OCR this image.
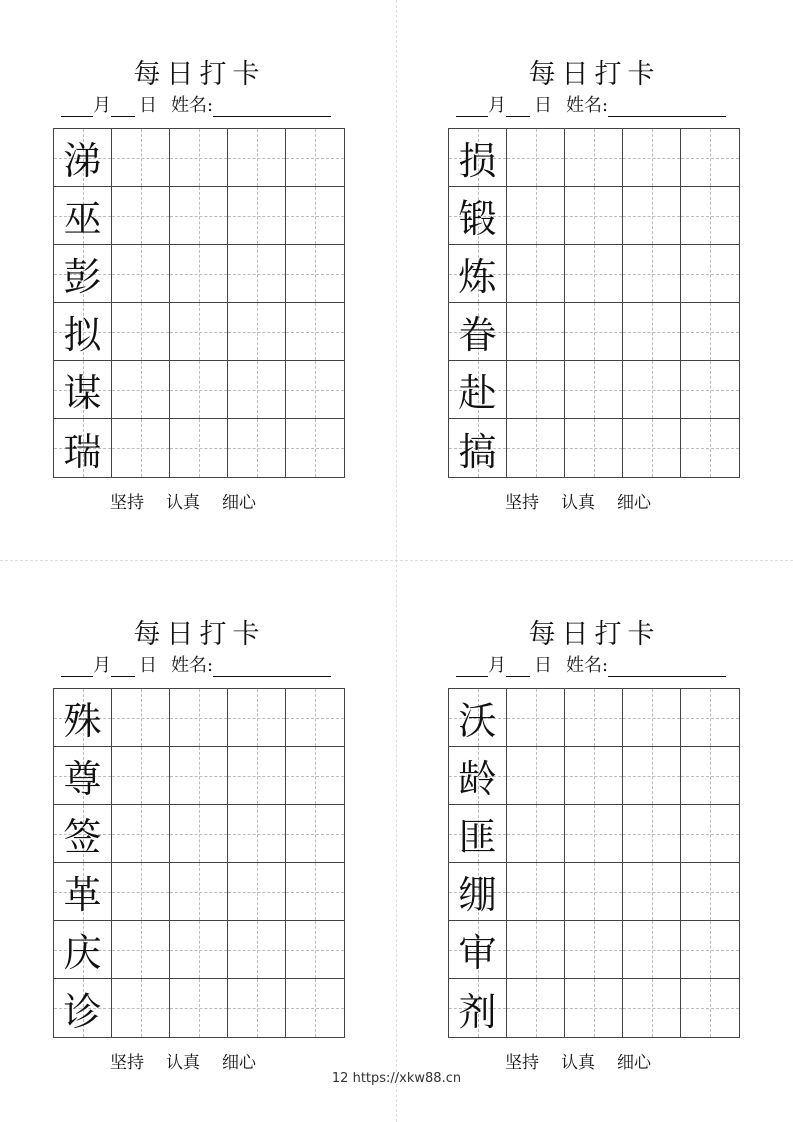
每日打卡
月 日 姓名:
涕
巫
彭
拟
谋
瑞
坚持 认真 细心
每日打卡
月 日 姓名:
损
锻
炼
眷
赴
搞
坚持 认真 细心
每日打卡
月 日 姓名:
殊
尊
签
革
庆
诊
坚持 认真 细心
每日打卡
月 日 姓名:
沃
龄
匪
绷
审
剂
坚持 认真 细心
12 https://xkw88.cn
